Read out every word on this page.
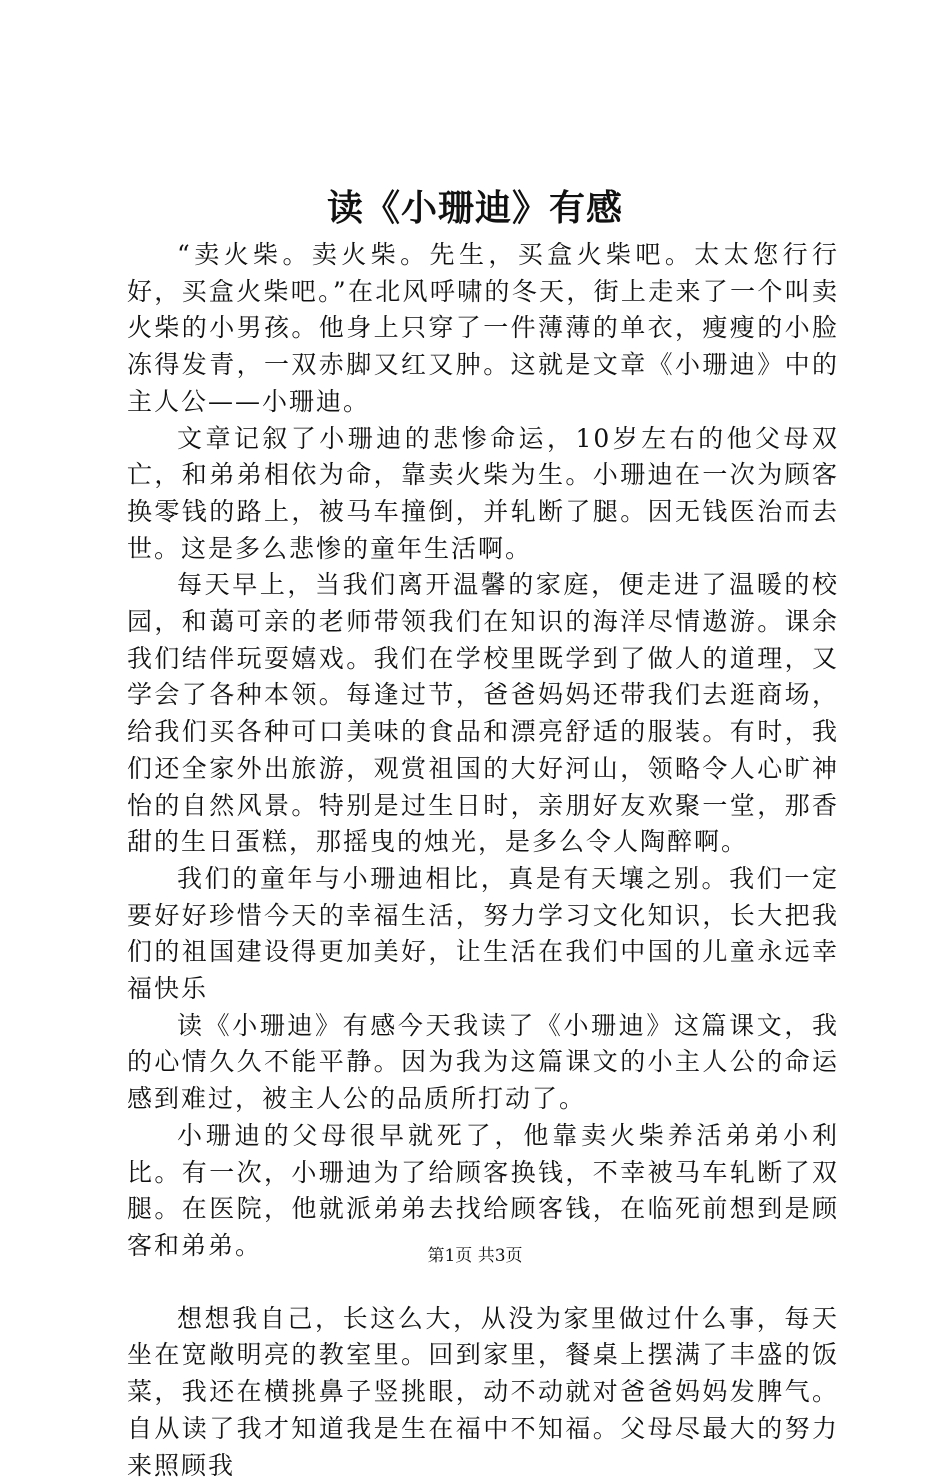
读《小珊迪》有感

“卖火柴。卖火柴。先生，买盒火柴吧。太太您行行好，买盒火柴吧。”在北风呼啸的冬天，街上走来了一个叫卖火柴的小男孩。他身上只穿了一件薄薄的单衣，瘦瘦的小脸冻得发青，一双赤脚又红又肿。这就是文章《小珊迪》中的主人公——小珊迪。

文章记叙了小珊迪的悲惨命运，10岁左右的他父母双亡，和弟弟相依为命，靠卖火柴为生。小珊迪在一次为顾客换零钱的路上，被马车撞倒，并轧断了腿。因无钱医治而去世。这是多么悲惨的童年生活啊。

每天早上，当我们离开温馨的家庭，便走进了温暖的校园，和蔼可亲的老师带领我们在知识的海洋尽情遨游。课余我们结伴玩耍嬉戏。我们在学校里既学到了做人的道理，又学会了各种本领。每逢过节，爸爸妈妈还带我们去逛商场，给我们买各种可口美味的食品和漂亮舒适的服装。有时，我们还全家外出旅游，观赏祖国的大好河山，领略令人心旷神怡的自然风景。特别是过生日时，亲朋好友欢聚一堂，那香甜的生日蛋糕，那摇曳的烛光，是多么令人陶醉啊。

我们的童年与小珊迪相比，真是有天壤之别。我们一定要好好珍惜今天的幸福生活，努力学习文化知识，长大把我们的祖国建设得更加美好，让生活在我们中国的儿童永远幸福快乐

读《小珊迪》有感今天我读了《小珊迪》这篇课文，我的心情久久不能平静。因为我为这篇课文的小主人公的命运感到难过，被主人公的品质所打动了。

小珊迪的父母很早就死了，他靠卖火柴养活弟弟小利比。有一次，小珊迪为了给顾客换钱，不幸被马车轧断了双腿。在医院，他就派弟弟去找给顾客钱，在临死前想到是顾客和弟弟。

想想我自己，长这么大，从没为家里做过什么事，每天坐在宽敞明亮的教室里。回到家里，餐桌上摆满了丰盛的饭菜，我还在横挑鼻子竖挑眼，动不动就对爸爸妈妈发脾气。自从读了我才知道我是生在福中不知福。父母尽最大的努力来照顾我

第1页 共3页
